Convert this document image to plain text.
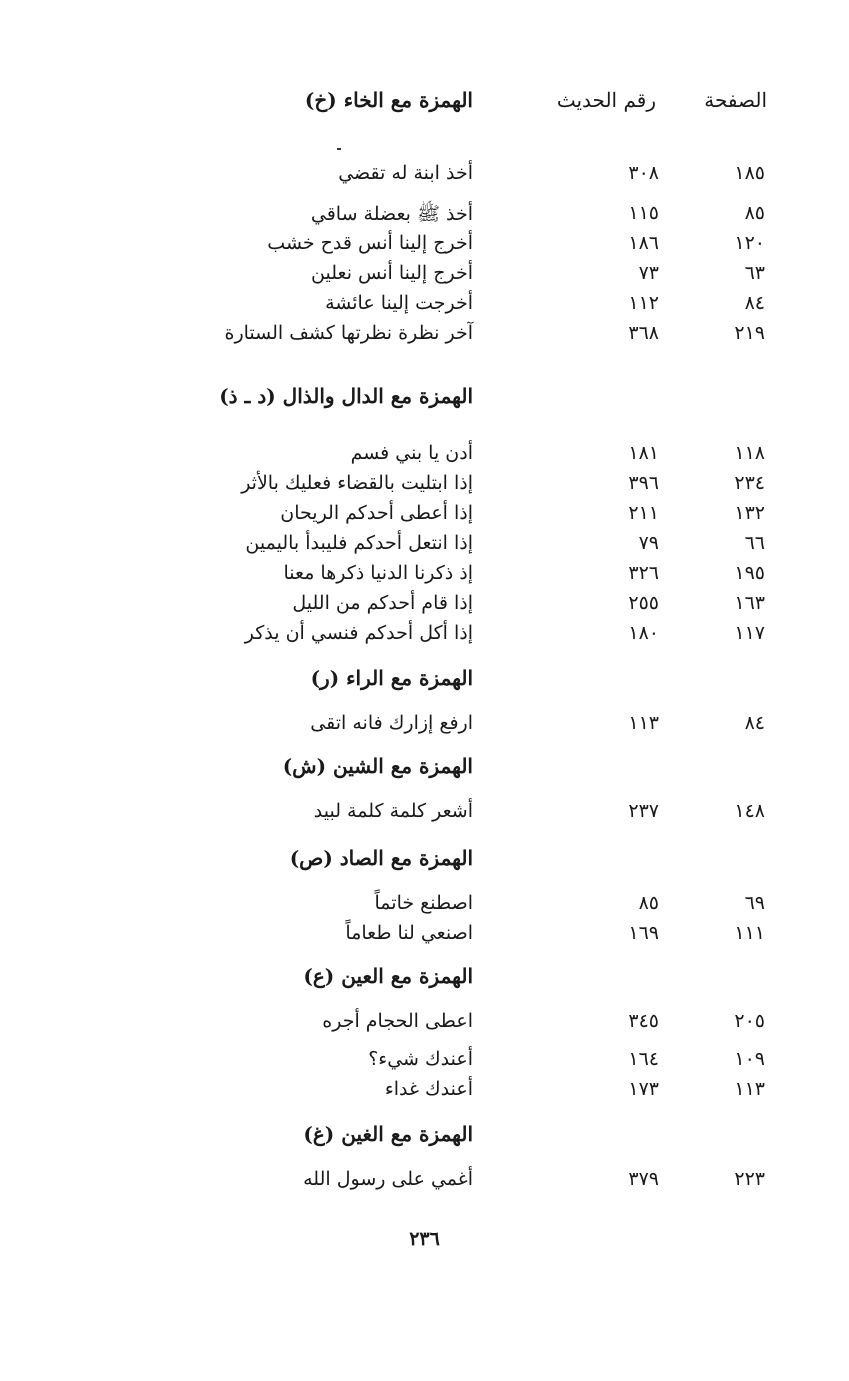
الصفحة
رقم الحديث
الهمزة مع الخاء (خ)
١٨٥
٣٠٨
أخذ ابنة له تقضي
٨٥
١١٥
أخذ ﷺ بعضلة ساقي
١٢٠
١٨٦
أخرج إلينا أنس قدح خشب
٦٣
٧٣
أخرج إلينا أنس نعلين
٨٤
١١٢
أخرجت إلينا عائشة
٢١٩
٣٦٨
آخر نظرة نظرتها كشف الستارة
الهمزة مع الدال والذال (د ـ ذ)
١١٨
١٨١
أدن يا بني فسم
٢٣٤
٣٩٦
إذا ابتليت بالقضاء فعليك بالأثر
١٣٢
٢١١
إذا أعطى أحدكم الريحان
٦٦
٧٩
إذا انتعل أحدكم فليبدأ باليمين
١٩٥
٣٢٦
إذ ذكرنا الدنيا ذكرها معنا
١٦٣
٢٥٥
إذا قام أحدكم من الليل
١١٧
١٨٠
إذا أكل أحدكم فنسي أن يذكر
الهمزة مع الراء (ر)
٨٤
١١٣
ارفع إزارك فانه اتقى
الهمزة مع الشين (ش)
١٤٨
٢٣٧
أشعر كلمة كلمة لبيد
الهمزة مع الصاد (ص)
٦٩
٨٥
اصطنع خاتماً
١١١
١٦٩
اصنعي لنا طعاماً
الهمزة مع العين (ع)
٢٠٥
٣٤٥
اعطى الحجام أجره
١٠٩
١٦٤
أعندك شيء؟
١١٣
١٧٣
أعندك غداء
الهمزة مع الغين (غ)
٢٢٣
٣٧٩
أغمي على رسول الله
٢٣٦
